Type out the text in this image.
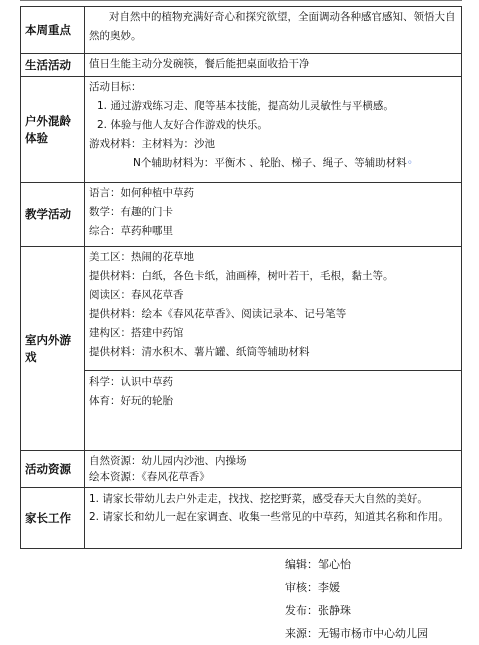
本周重点

对自然中的植物充满好奇心和探究欲望，全面调动各种感官感知、领悟大自然的奥妙。

生活活动	值日生能主动分发碗筷，餐后能把桌面收拾干净

户外混龄体验

活动目标：

1. 通过游戏练习走、爬等基本技能，提高幼儿灵敏性与平横感。

2. 体验与他人友好合作游戏的快乐。

游戏材料：主材料为：沙池

N个辅助材料为：平衡木 、轮胎、梯子、绳子、等辅助材料◦

教学活动

语言：如何种植中草药

数学：有趣的门卡

综合：草药种哪里

室内外游戏

美工区：热闹的花草地

提供材料：白纸，各色卡纸，油画棒，树叶若干，毛根，黏土等。

阅读区：春风花草香

提供材料：绘本《春风花草香》、阅读记录本、记号笔等

建构区：搭建中药馆

提供材料：清水积木、薯片罐、纸筒等辅助材料

科学：认识中草药

体育：好玩的轮胎

活动资源

自然资源：幼儿园内沙池、内操场

绘本资源：《春风花草香》

家长工作

1. 请家长带幼儿去户外走走，找找、挖挖野菜，感受春天大自然的美好。

2. 请家长和幼儿一起在家调查、收集一些常见的中草药，知道其名称和作用。

编辑：邹心怡

审核：李媛

发布：张静珠

来源：无锡市杨市中心幼儿园
